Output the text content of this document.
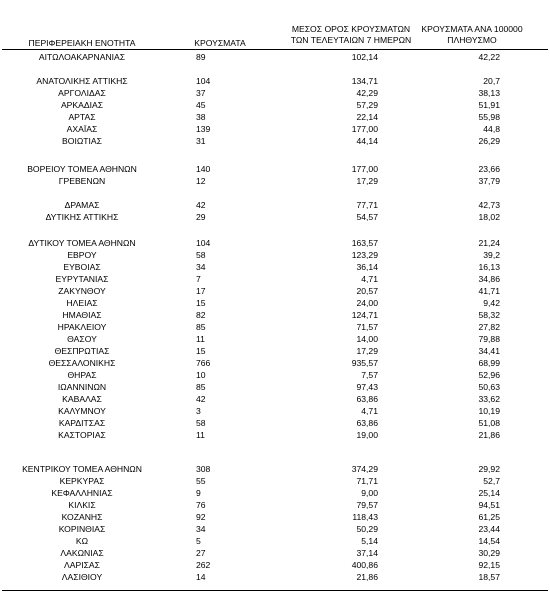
ΠΕΡΙΦΕΡΕΙΑΚΗ ΕΝΟΤΗΤΑ	ΚΡΟΥΣΜΑΤΑ
ΜΕΣΟΣ ΟΡΟΣ ΚΡΟΥΣΜΑΤΩΝ
ΤΩΝ ΤΕΛΕΥΤΑΙΩΝ 7 ΗΜΕΡΩΝ
ΚΡΟΥΣΜΑΤΑ ΑΝΑ 100000
ΠΛΗΘΥΣΜΟ
ΑΙΤΩΛΟΑΚΑΡΝΑΝΙΑΣ	89	102,14	42,22
ΑΝΑΤΟΛΙΚΗΣ ΑΤΤΙΚΗΣ	104	134,71	20,7
ΑΡΓΟΛΙΔΑΣ	37	42,29	38,13
ΑΡΚΑΔΙΑΣ	45	57,29	51,91
ΑΡΤΑΣ	38	22,14	55,98
ΑΧΑΪΑΣ	139	177,00	44,8
ΒΟΙΩΤΙΑΣ	31	44,14	26,29
ΒΟΡΕΙΟΥ ΤΟΜΕΑ ΑΘΗΝΩΝ	140	177,00	23,66
ΓΡΕΒΕΝΩΝ	12	17,29	37,79
ΔΡΑΜΑΣ	42	77,71	42,73
ΔΥΤΙΚΗΣ ΑΤΤΙΚΗΣ	29	54,57	18,02
ΔΥΤΙΚΟΥ ΤΟΜΕΑ ΑΘΗΝΩΝ	104	163,57	21,24
ΕΒΡΟΥ	58	123,29	39,2
ΕΥΒΟΙΑΣ	34	36,14	16,13
ΕΥΡΥΤΑΝΙΑΣ	7	4,71	34,86
ΖΑΚΥΝΘΟΥ	17	20,57	41,71
ΗΛΕΙΑΣ	15	24,00	9,42
ΗΜΑΘΙΑΣ	82	124,71	58,32
ΗΡΑΚΛΕΙΟΥ	85	71,57	27,82
ΘΑΣΟΥ	11	14,00	79,88
ΘΕΣΠΡΩΤΙΑΣ	15	17,29	34,41
ΘΕΣΣΑΛΟΝΙΚΗΣ	766	935,57	68,99
ΘΗΡΑΣ	10	7,57	52,96
ΙΩΑΝΝΙΝΩΝ	85	97,43	50,63
ΚΑΒΑΛΑΣ	42	63,86	33,62
ΚΑΛΥΜΝΟΥ	3	4,71	10,19
ΚΑΡΔΙΤΣΑΣ	58	63,86	51,08
ΚΑΣΤΟΡΙΑΣ	11	19,00	21,86
ΚΕΝΤΡΙΚΟΥ ΤΟΜΕΑ ΑΘΗΝΩΝ	308	374,29	29,92
ΚΕΡΚΥΡΑΣ	55	71,71	52,7
ΚΕΦΑΛΛΗΝΙΑΣ	9	9,00	25,14
ΚΙΛΚΙΣ	76	79,57	94,51
ΚΟΖΑΝΗΣ	92	118,43	61,25
ΚΟΡΙΝΘΙΑΣ	34	50,29	23,44
ΚΩ	5	5,14	14,54
ΛΑΚΩΝΙΑΣ	27	37,14	30,29
ΛΑΡΙΣΑΣ	262	400,86	92,15
ΛΑΣΙΘΙΟΥ	14	21,86	18,57
